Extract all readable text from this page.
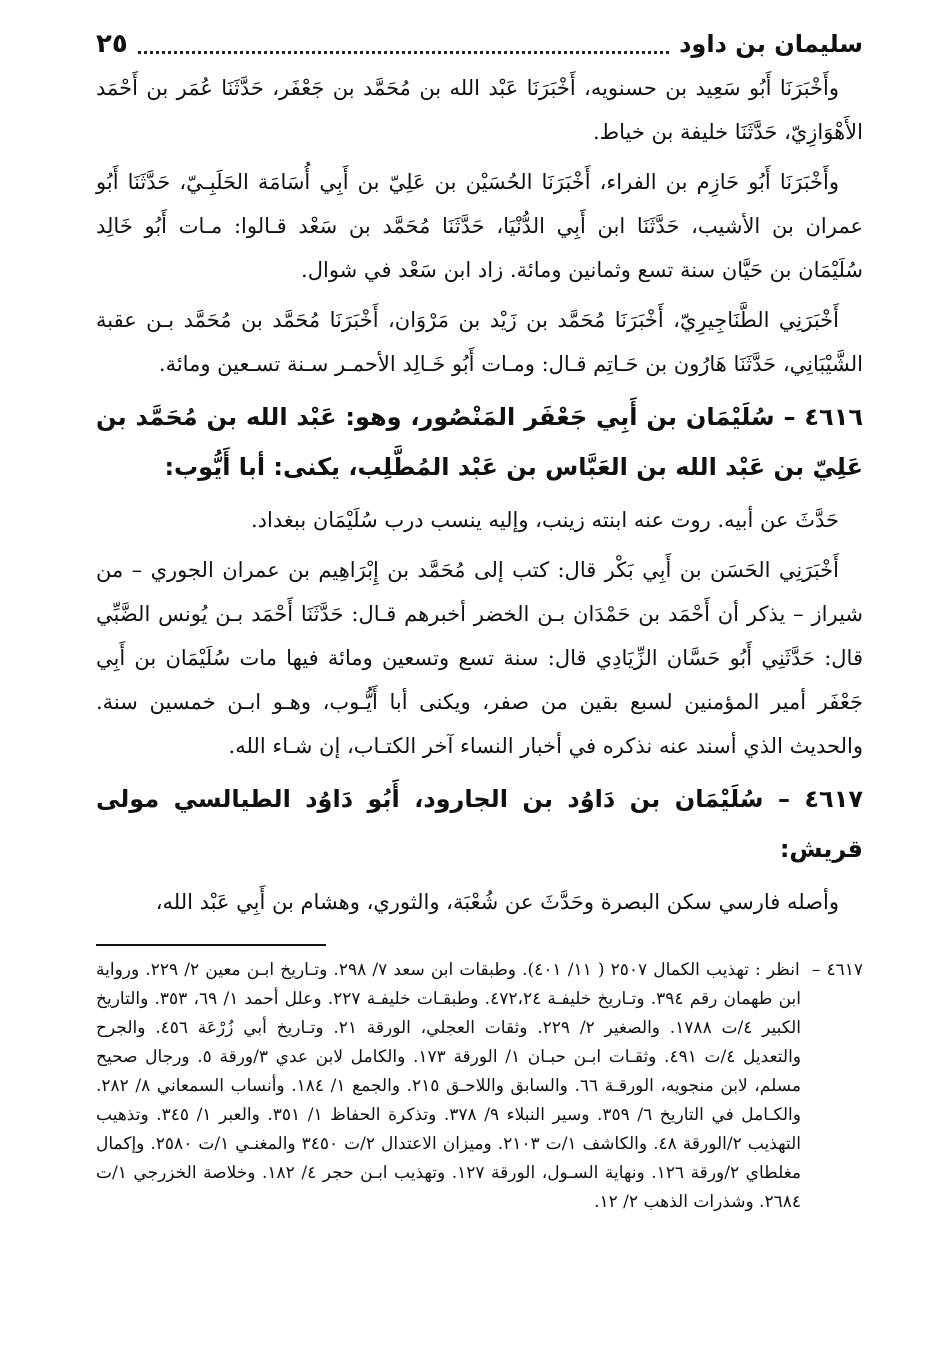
سليمان بن داود
٢٥

وأَخْبَرَنَا أَبُو سَعِيد بن حسنويه، أَخْبَرَنَا عَبْد الله بن مُحَمَّد بن جَعْفَر، حَدَّثَنَا عُمَر بن أَحْمَد الأَهْوَازِيّ، حَدَّثَنَا خليفة بن خياط.

وأَخْبَرَنَا أَبُو حَازِم بن الفراء، أَخْبَرَنَا الحُسَيْن بن عَلِيّ بن أَبِي أُسَامَة الحَلَبِـيّ، حَدَّثَنَا أَبُو عمران بن الأشيب، حَدَّثَنَا ابن أَبِي الدُّنْيَا، حَدَّثَنَا مُحَمَّد بن سَعْد قـالوا: مـات أَبُو خَالِد سُلَيْمَان بن حَيَّان سنة تسع وثمانين ومائة. زاد ابن سَعْد في شوال.

أَخْبَرَنِي الطَّنَاجِيرِيّ، أَخْبَرَنَا مُحَمَّد بن زَيْد بن مَرْوَان، أَخْبَرَنَا مُحَمَّد بن مُحَمَّد بـن عقبة الشَّيْبَانِي، حَدَّثَنَا هَارُون بن حَـاتِم قـال: ومـات أَبُو خَـالِد الأحمـر سـنة تسـعين ومائة.

٤٦١٦ – سُلَيْمَان بن أَبِي جَعْفَر المَنْصُور، وهو: عَبْد الله بن مُحَمَّد بن عَلِيّ بن عَبْد الله بن العَبَّاس بن عَبْد المُطَّلِب، يكنى: أبا أَيُّوب:

حَدَّثَ عن أبيه. روت عنه ابنته زينب، وإليه ينسب درب سُلَيْمَان ببغداد.

أَخْبَرَنِي الحَسَن بن أَبِي بَكْر قال: كتب إلى مُحَمَّد بن إِبْرَاهِيم بن عمران الجوري – من شيراز – يذكر أن أَحْمَد بن حَمْدَان بـن الخضر أخبرهم قـال: حَدَّثَنَا أَحْمَد بـن يُونس الضَّبِّي قال: حَدَّثَنِي أَبُو حَسَّان الزِّيَادِي قال: سنة تسع وتسعين ومائة فيها مات سُلَيْمَان بن أَبِي جَعْفَر أمير المؤمنين لسبع بقين من صفر، ويكنى أبا أَيُّـوب، وهـو ابـن خمسين سنة. والحديث الذي أسند عنه نذكره في أخبار النساء آخر الكتـاب، إن شـاء الله.

٤٦١٧ – سُلَيْمَان بن دَاوُد بن الجارود، أَبُو دَاوُد الطيالسي مولى قريش:

وأصله فارسي سكن البصرة وحَدَّثَ عن شُعْبَة، والثوري، وهشام بن أَبِي عَبْد الله،

٤٦١٧ – انظر : تهذيب الكمال ٢٥٠٧ ( ١١/ ٤٠١). وطبقات ابن سعد ٧/ ٢٩٨. وتـاريخ ابـن معين ٢/ ٢٢٩. ورواية ابن طهمان رقم ٣٩٤. وتـاريخ خليفـة ٤٧٢،٢٤. وطبقـات خليفـة ٢٢٧. وعلل أحمد ١/ ٦٩، ٣٥٣. والتاريخ الكبير ٤/ت ١٧٨٨. والصغير ٢/ ٢٢٩. وثقات العجلي، الورقة ٢١. وتـاريخ أبي زُرْعَة ٤٥٦. والجرح والتعديل ٤/ت ٤٩١. وثقـات ابـن حبـان ١/ الورقة ١٧٣. والكامل لابن عدي ٣/ورقة ٥. ورجال صحيح مسلم، لابن منجويه، الورقـة ٦٦. والسابق واللاحـق ٢١٥. والجمع ١/ ١٨٤. وأنساب السمعاني ٨/ ٢٨٢. والكـامل في التاريخ ٦/ ٣٥٩. وسير النبلاء ٩/ ٣٧٨. وتذكرة الحفاظ ١/ ٣٥١. والعبر ١/ ٣٤٥. وتذهيب التهذيب ٢/الورقة ٤٨. والكاشف ١/ت ٢١٠٣. وميزان الاعتدال ٢/ت ٣٤٥٠ والمغنـي ١/ت ٢٥٨٠. وإكمال مغلطاي ٢/ورقة ١٢٦. ونهاية السـول، الورقة ١٢٧. وتهذيب ابـن حجر ٤/ ١٨٢. وخلاصة الخزرجي ١/ت ٢٦٨٤. وشذرات الذهب ٢/ ١٢.
